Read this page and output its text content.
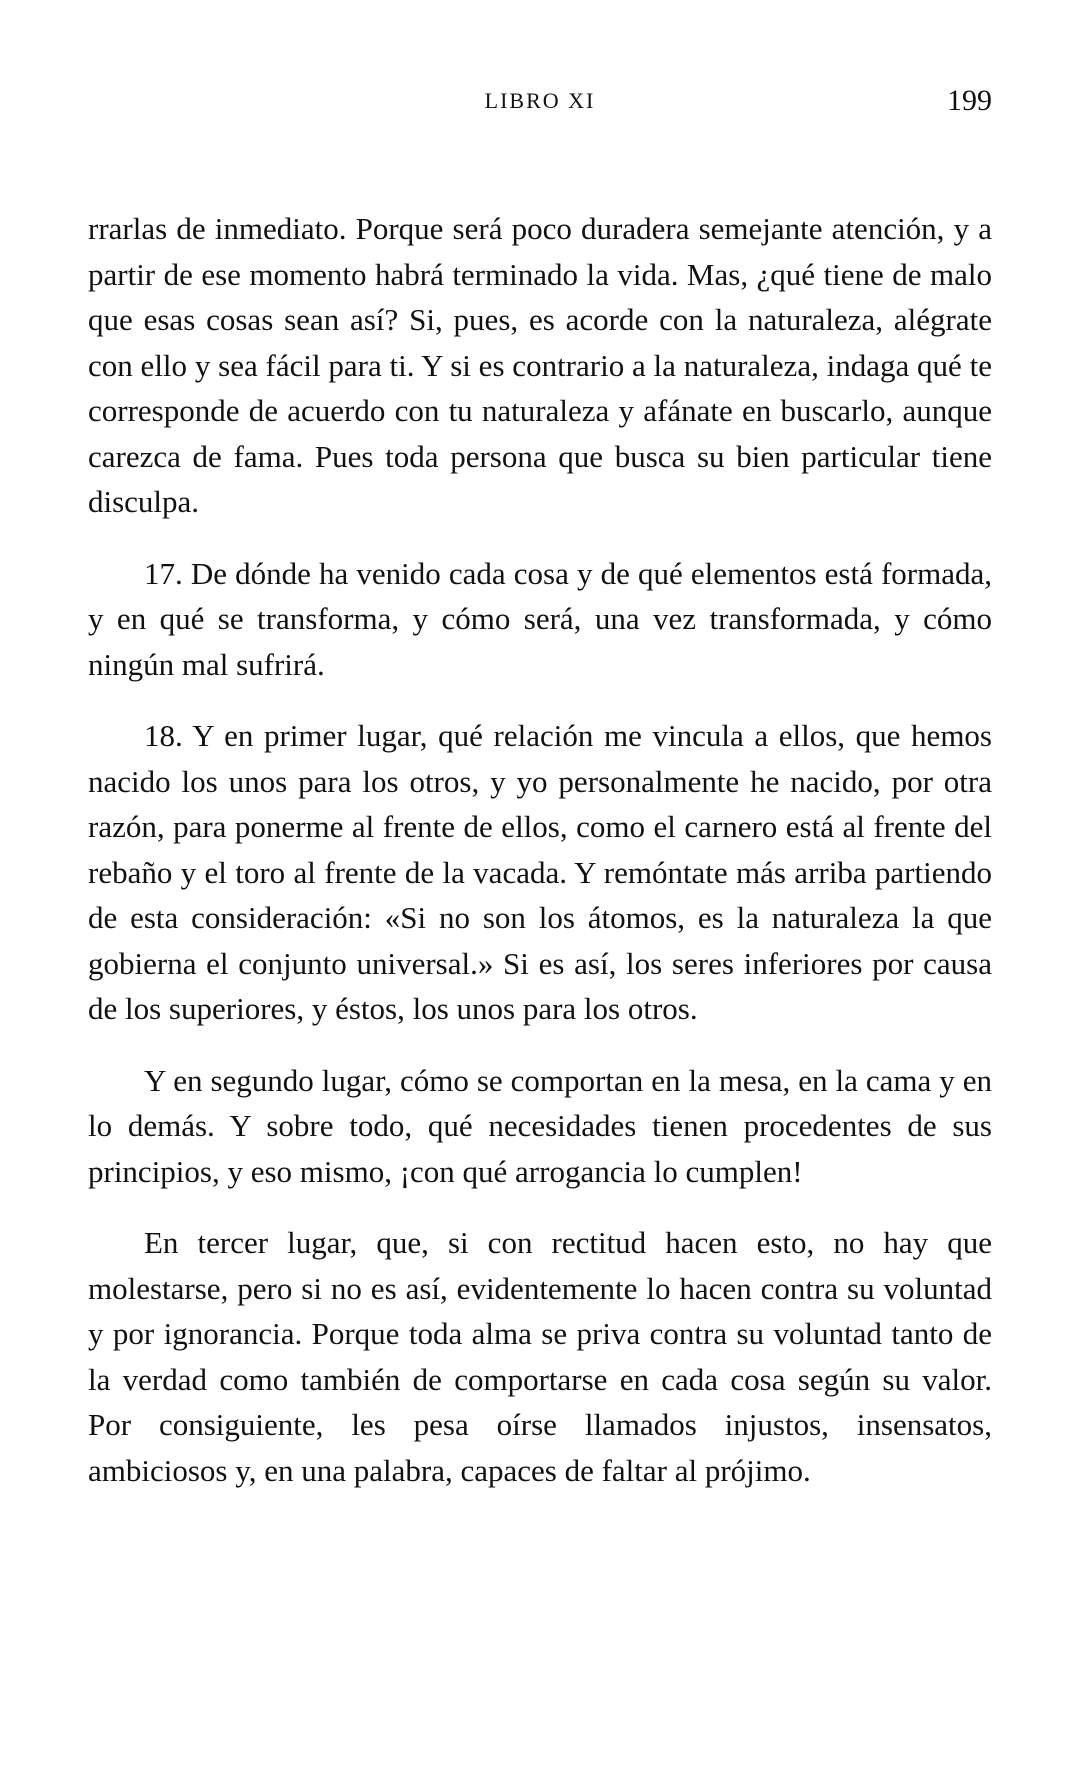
LIBRO XI	199

rrarlas de inmediato. Porque será poco duradera semejante atención, y a partir de ese momento habrá terminado la vida. Mas, ¿qué tiene de malo que esas cosas sean así? Si, pues, es acorde con la naturaleza, alégrate con ello y sea fácil para ti. Y si es contrario a la naturaleza, indaga qué te corresponde de acuerdo con tu naturaleza y afánate en buscarlo, aunque carezca de fama. Pues toda persona que busca su bien particular tiene disculpa.

17. De dónde ha venido cada cosa y de qué elementos está formada, y en qué se transforma, y cómo será, una vez transformada, y cómo ningún mal sufrirá.

18. Y en primer lugar, qué relación me vincula a ellos, que hemos nacido los unos para los otros, y yo personalmente he nacido, por otra razón, para ponerme al frente de ellos, como el carnero está al frente del rebaño y el toro al frente de la vacada. Y remóntate más arriba partiendo de esta consideración: «Si no son los átomos, es la naturaleza la que gobierna el conjunto universal.» Si es así, los seres inferiores por causa de los superiores, y éstos, los unos para los otros.

Y en segundo lugar, cómo se comportan en la mesa, en la cama y en lo demás. Y sobre todo, qué necesidades tienen procedentes de sus principios, y eso mismo, ¡con qué arrogancia lo cumplen!

En tercer lugar, que, si con rectitud hacen esto, no hay que molestarse, pero si no es así, evidentemente lo hacen contra su voluntad y por ignorancia. Porque toda alma se priva contra su voluntad tanto de la verdad como también de comportarse en cada cosa según su valor. Por consiguiente, les pesa oírse llamados injustos, insensatos, ambiciosos y, en una palabra, capaces de faltar al prójimo.
